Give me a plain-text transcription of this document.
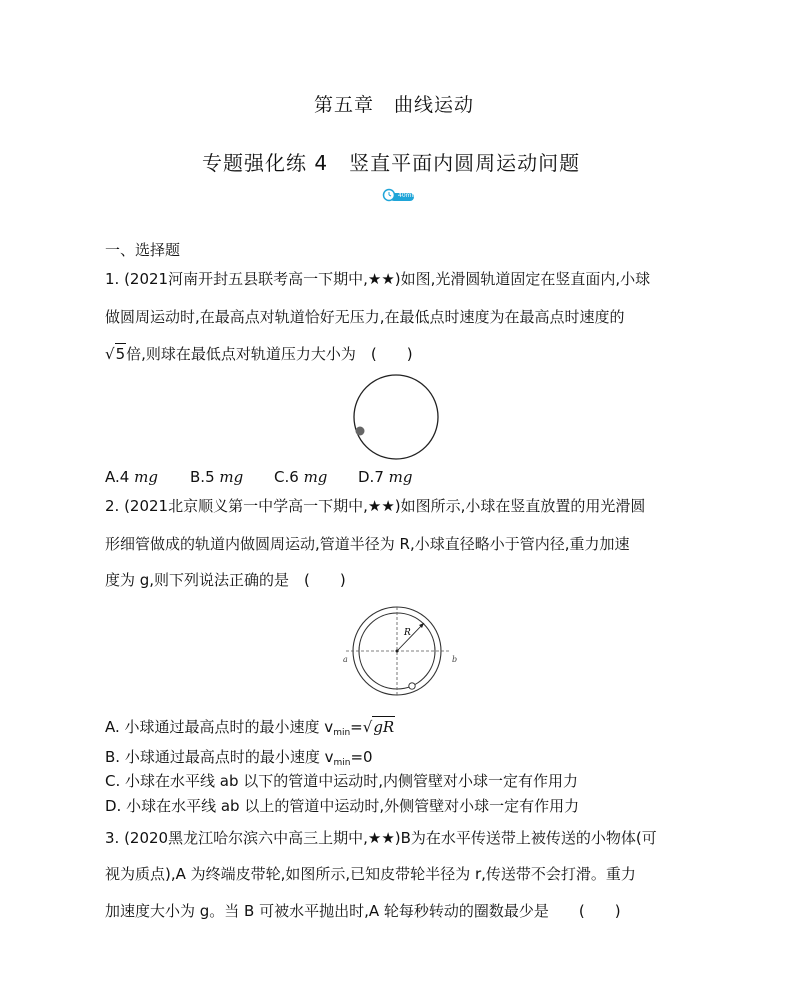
第五章　曲线运动
专题强化练 4　竖直平面内圆周运动问题
40min
一、选择题
1. (2021河南开封五县联考高一下期中,★★)如图,光滑圆轨道固定在竖直面内,小球
做圆周运动时,在最高点对轨道恰好无压力,在最低点时速度为在最高点时速度的
√5倍,则球在最低点对轨道压力大小为　(　　)
A.4 mg B.5 mg C.6 mg D.7 mg
2. (2021北京顺义第一中学高一下期中,★★)如图所示,小球在竖直放置的用光滑圆
形细管做成的轨道内做圆周运动,管道半径为 R,小球直径略小于管内径,重力加速
度为 g,则下列说法正确的是　(　　)
R
a	b
A. 小球通过最高点时的最小速度 $v_{min}=√gR$
B. 小球通过最高点时的最小速度 $v_{min}=0$
C. 小球在水平线 ab 以下的管道中运动时,内侧管壁对小球一定有作用力
D. 小球在水平线 ab 以上的管道中运动时,外侧管壁对小球一定有作用力
3. (2020黑龙江哈尔滨六中高三上期中,★★)B为在水平传送带上被传送的小物体(可
视为质点),A 为终端皮带轮,如图所示,已知皮带轮半径为 r,传送带不会打滑。重力
加速度大小为 g。当 B 可被水平抛出时,A 轮每秒转动的圈数最少是　　(　　)
